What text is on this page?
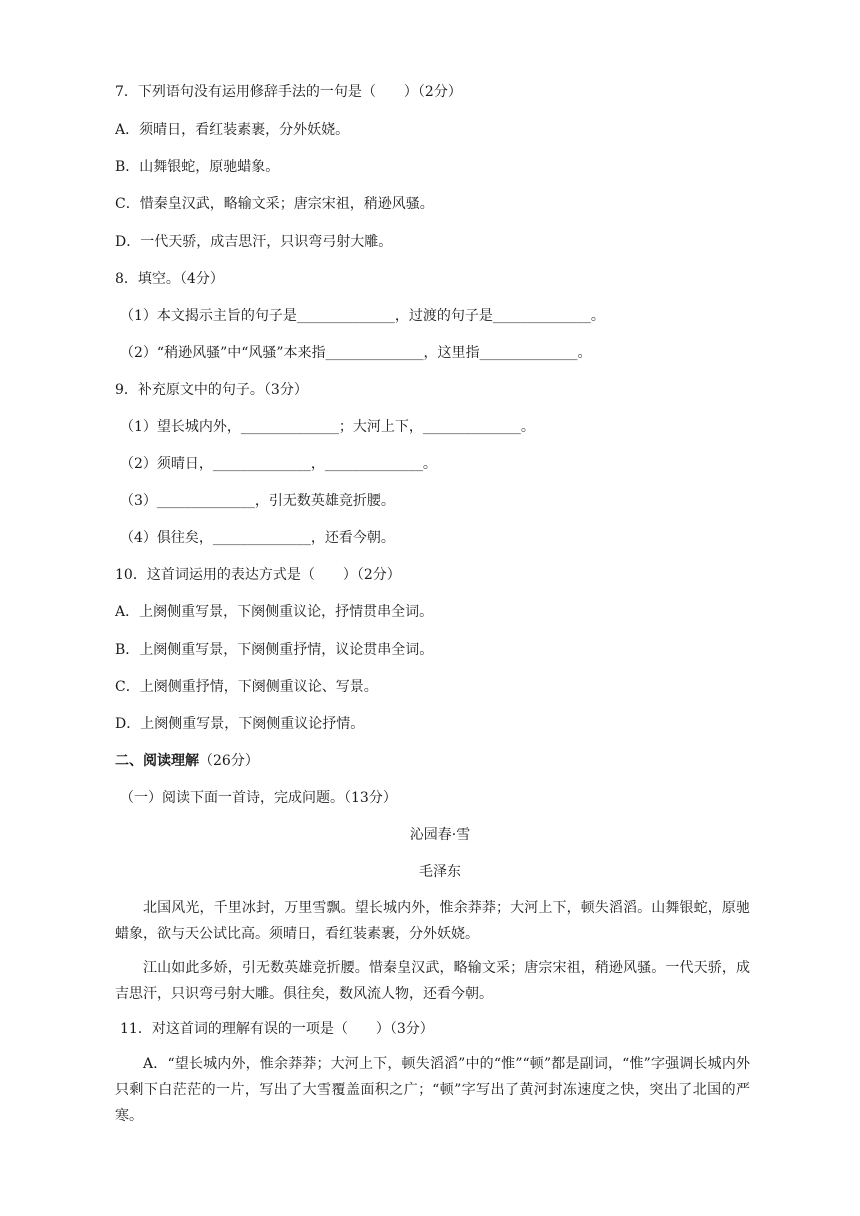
7．下列语句没有运用修辞手法的一句是（　　）（2分）
A．须晴日，看红装素裹，分外妖娆。
B．山舞银蛇，原驰蜡象。
C．惜秦皇汉武，略输文采；唐宗宋祖，稍逊风骚。
D．一代天骄，成吉思汗，只识弯弓射大雕。
8．填空。（4分）
（1）本文揭示主旨的句子是______________，过渡的句子是______________。
（2）“稍逊风骚”中“风骚”本来指______________，这里指______________。
9．补充原文中的句子。（3分）
（1）望长城内外，______________；大河上下，______________。
（2）须晴日，______________，______________。
（3）______________，引无数英雄竞折腰。
（4）俱往矣，______________，还看今朝。
10．这首词运用的表达方式是（　　）（2分）
A．上阕侧重写景，下阕侧重议论，抒情贯串全词。
B．上阕侧重写景，下阕侧重抒情，议论贯串全词。
C．上阕侧重抒情，下阕侧重议论、写景。
D．上阕侧重写景，下阕侧重议论抒情。
二、阅读理解（26分）
（一）阅读下面一首诗，完成问题。（13分）
沁园春·雪
毛泽东
北国风光，千里冰封，万里雪飘。望长城内外，惟余莽莽；大河上下，顿失滔滔。山舞银蛇，原驰蜡象，欲与天公试比高。须晴日，看红装素裹，分外妖娆。
江山如此多娇，引无数英雄竞折腰。惜秦皇汉武，略输文采；唐宗宋祖，稍逊风骚。一代天骄，成吉思汗，只识弯弓射大雕。俱往矣，数风流人物，还看今朝。
11．对这首词的理解有误的一项是（　　）（3分）
A．“望长城内外，惟余莽莽；大河上下，顿失滔滔”中的“惟”“顿”都是副词，“惟”字强调长城内外只剩下白茫茫的一片，写出了大雪覆盖面积之广；“顿”字写出了黄河封冻速度之快，突出了北国的严寒。
